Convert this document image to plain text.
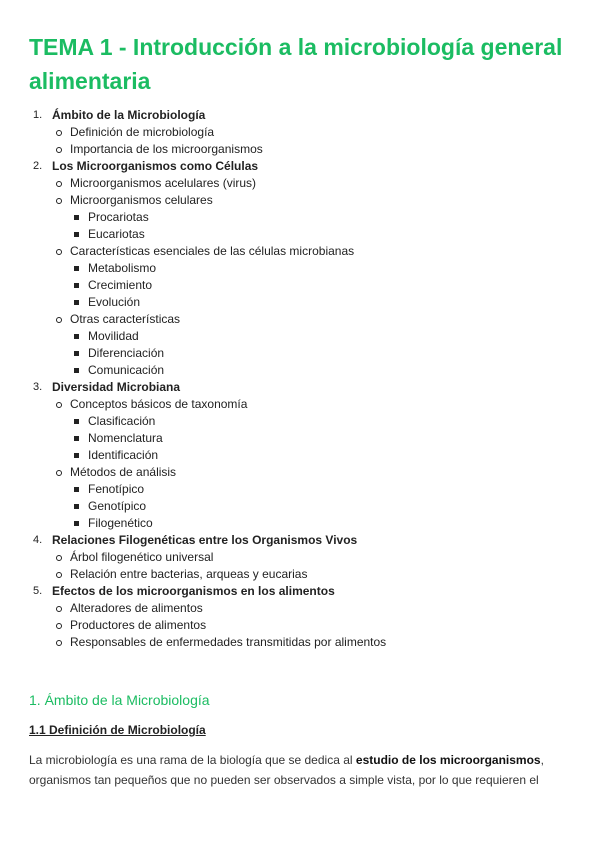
TEMA 1 - Introducción a la microbiología general alimentaria
1. Ámbito de la Microbiología
Definición de microbiología
Importancia de los microorganismos
2. Los Microorganismos como Células
Microorganismos acelulares (virus)
Microorganismos celulares
Procariotas
Eucariotas
Características esenciales de las células microbianas
Metabolismo
Crecimiento
Evolución
Otras características
Movilidad
Diferenciación
Comunicación
3. Diversidad Microbiana
Conceptos básicos de taxonomía
Clasificación
Nomenclatura
Identificación
Métodos de análisis
Fenotípico
Genotípico
Filogenético
4. Relaciones Filogenéticas entre los Organismos Vivos
Árbol filogenético universal
Relación entre bacterias, arqueas y eucarias
5. Efectos de los microorganismos en los alimentos
Alteradores de alimentos
Productores de alimentos
Responsables de enfermedades transmitidas por alimentos
1. Ámbito de la Microbiología
1.1 Definición de Microbiología

La microbiología es una rama de la biología que se dedica al estudio de los microorganismos, organismos tan pequeños que no pueden ser observados a simple vista, por lo que requieren el
